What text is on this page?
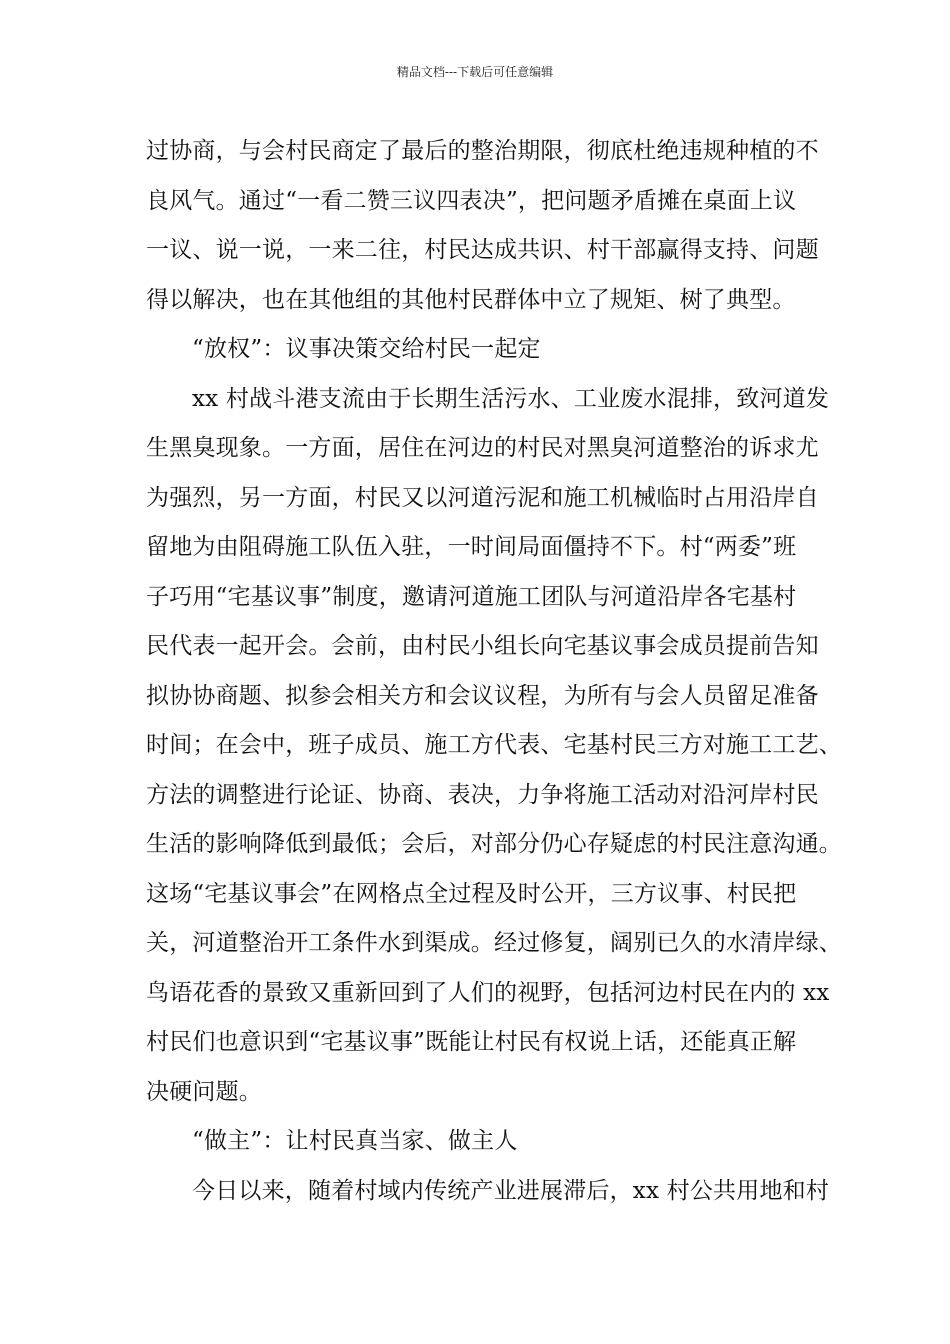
精品文档---下载后可任意编辑
过协商，与会村民商定了最后的整治期限，彻底杜绝违规种植的不
良风气。通过“一看二赞三议四表决”，把问题矛盾摊在桌面上议
一议、说一说，一来二往，村民达成共识、村干部赢得支持、问题
得以解决，也在其他组的其他村民群体中立了规矩、树了典型。
“放权”：议事决策交给村民一起定
xx 村战斗港支流由于长期生活污水、工业废水混排，致河道发
生黑臭现象。一方面，居住在河边的村民对黑臭河道整治的诉求尤
为强烈，另一方面，村民又以河道污泥和施工机械临时占用沿岸自
留地为由阻碍施工队伍入驻，一时间局面僵持不下。村“两委”班
子巧用“宅基议事”制度，邀请河道施工团队与河道沿岸各宅基村
民代表一起开会。会前，由村民小组长向宅基议事会成员提前告知
拟协协商题、拟参会相关方和会议议程，为所有与会人员留足准备
时间；在会中，班子成员、施工方代表、宅基村民三方对施工工艺、
方法的调整进行论证、协商、表决，力争将施工活动对沿河岸村民
生活的影响降低到最低；会后，对部分仍心存疑虑的村民注意沟通。
这场“宅基议事会”在网格点全过程及时公开，三方议事、村民把
关，河道整治开工条件水到渠成。经过修复，阔别已久的水清岸绿、
鸟语花香的景致又重新回到了人们的视野，包括河边村民在内的 xx
村民们也意识到“宅基议事”既能让村民有权说上话，还能真正解
决硬问题。
“做主”：让村民真当家、做主人
今日以来，随着村域内传统产业进展滞后，xx 村公共用地和村
